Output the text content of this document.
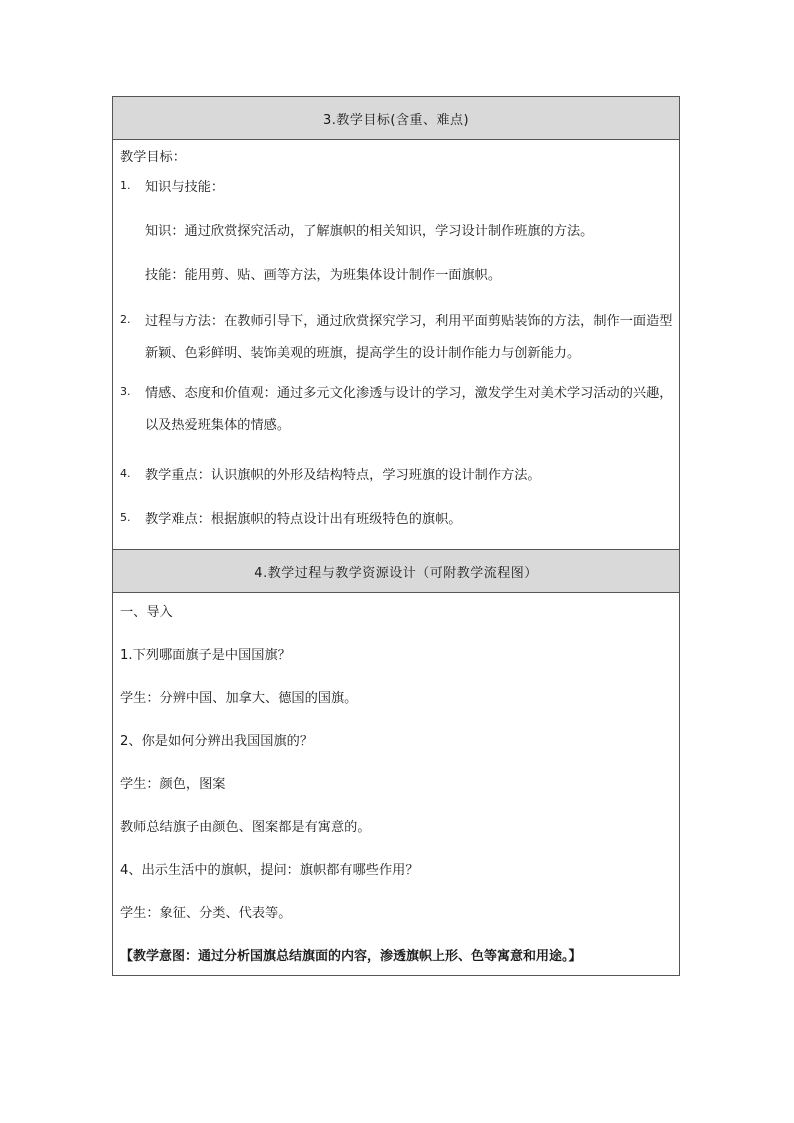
3.教学目标(含重、难点)
教学目标：
1.	知识与技能：
知识：通过欣赏探究活动，了解旗帜的相关知识，学习设计制作班旗的方法。
技能：能用剪、贴、画等方法，为班集体设计制作一面旗帜。
2.	过程与方法：在教师引导下，通过欣赏探究学习，利用平面剪贴装饰的方法，制作一面造型新颖、色彩鲜明、装饰美观的班旗，提高学生的设计制作能力与创新能力。
3.	情感、态度和价值观：通过多元文化渗透与设计的学习，激发学生对美术学习活动的兴趣，以及热爱班集体的情感。
4.	教学重点：认识旗帜的外形及结构特点，学习班旗的设计制作方法。
5.	教学难点：根据旗帜的特点设计出有班级特色的旗帜。
4.教学过程与教学资源设计（可附教学流程图）
一、导入
1.下列哪面旗子是中国国旗？
学生：分辨中国、加拿大、德国的国旗。
2、你是如何分辨出我国国旗的？
学生：颜色，图案
教师总结旗子由颜色、图案都是有寓意的。
4、出示生活中的旗帜，提问：旗帜都有哪些作用？
学生：象征、分类、代表等。
【教学意图：通过分析国旗总结旗面的内容，渗透旗帜上形、色等寓意和用途。】
